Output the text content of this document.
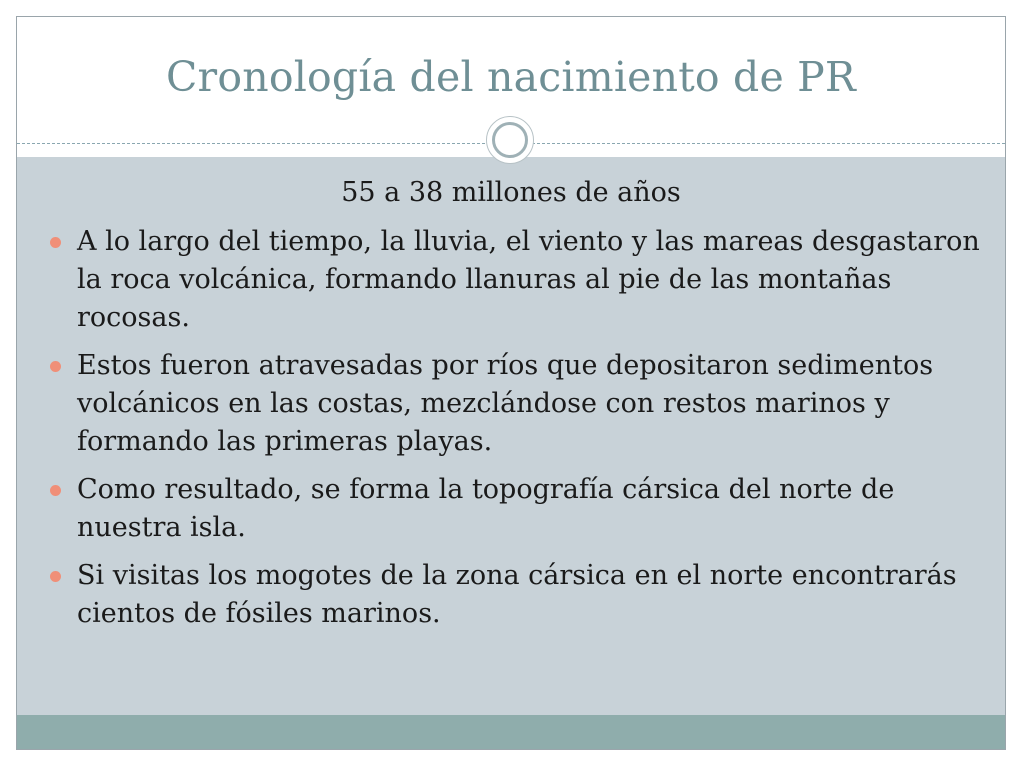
Cronología del nacimiento de PR
55 a 38 millones de años
A lo largo del tiempo, la lluvia, el viento y las mareas desgastaron la roca volcánica, formando llanuras al pie de las montañas rocosas.
Estos fueron atravesadas por ríos que depositaron sedimentos volcánicos en las costas, mezclándose con restos marinos y formando las primeras playas.
Como resultado, se forma la topografía cársica del norte de nuestra isla.
Si visitas los mogotes de la zona cársica en el norte encontrarás cientos de fósiles marinos.
